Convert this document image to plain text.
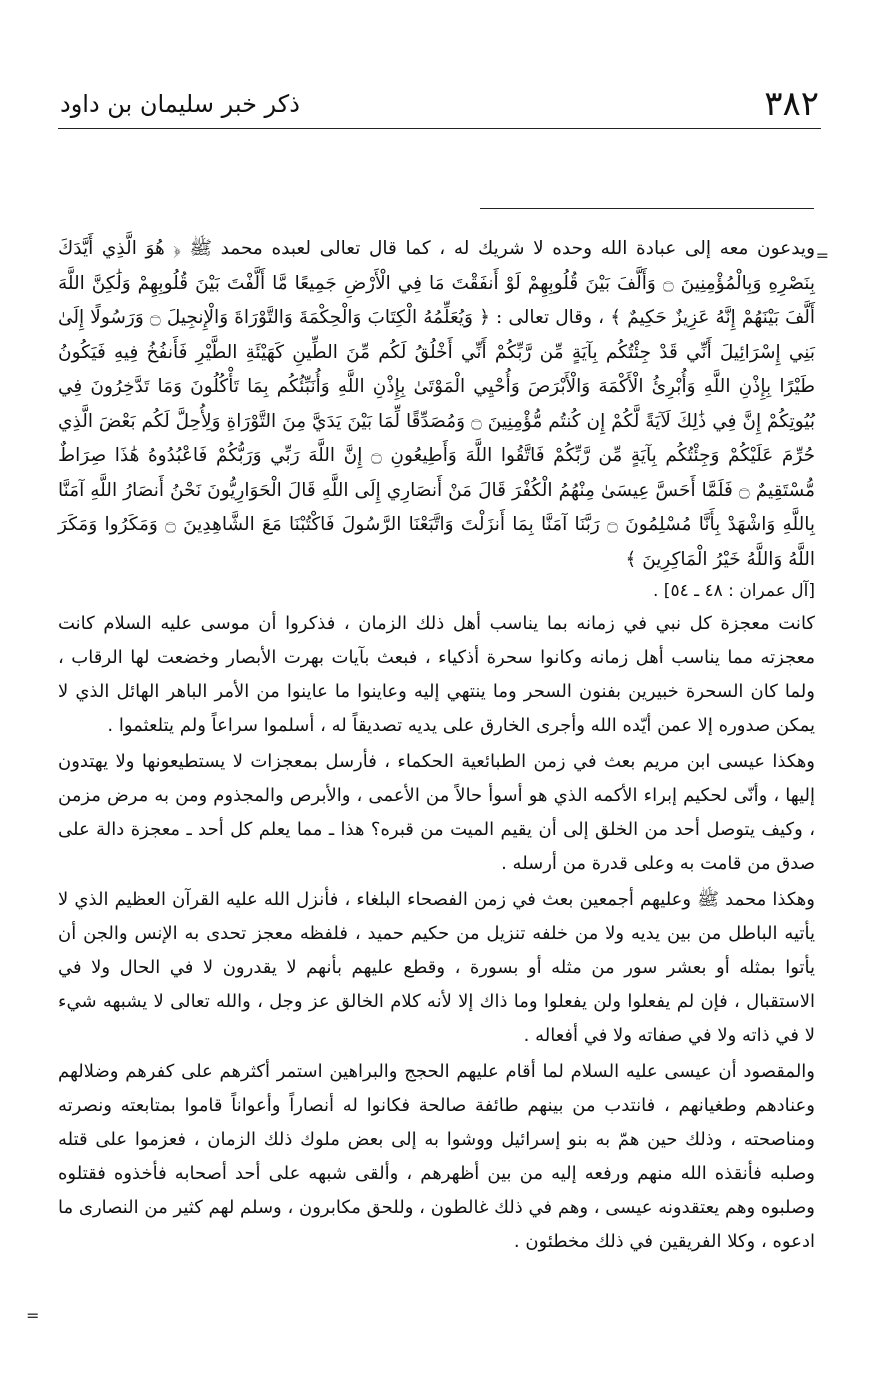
٣٨٢
ذكر خبر سليمان بن داود
=
=

ويدعون معه إلى عبادة الله وحده لا شريك له ، كما قال تعالى لعبده محمد ﷺ ﴿ هُوَ الَّذِي أَيَّدَكَ بِنَصْرِهِ وَبِالْمُؤْمِنِينَ ۝ وَأَلَّفَ بَيْنَ قُلُوبِهِمْ لَوْ أَنفَقْتَ مَا فِي الْأَرْضِ جَمِيعًا مَّا أَلَّفْتَ بَيْنَ قُلُوبِهِمْ وَلَٰكِنَّ اللَّهَ أَلَّفَ بَيْنَهُمْ إِنَّهُ عَزِيزٌ حَكِيمٌ ﴾ ، وقال تعالى : ﴿ وَيُعَلِّمُهُ الْكِتَابَ وَالْحِكْمَةَ وَالتَّوْرَاةَ وَالْإِنجِيلَ ۝ وَرَسُولًا إِلَىٰ بَنِي إِسْرَائِيلَ أَنِّي قَدْ جِئْتُكُم بِآيَةٍ مِّن رَّبِّكُمْ أَنِّي أَخْلُقُ لَكُم مِّنَ الطِّينِ كَهَيْئَةِ الطَّيْرِ فَأَنفُخُ فِيهِ فَيَكُونُ طَيْرًا بِإِذْنِ اللَّهِ وَأُبْرِئُ الْأَكْمَهَ وَالْأَبْرَصَ وَأُحْيِي الْمَوْتَىٰ بِإِذْنِ اللَّهِ وَأُنَبِّئُكُم بِمَا تَأْكُلُونَ وَمَا تَدَّخِرُونَ فِي بُيُوتِكُمْ إِنَّ فِي ذَٰلِكَ لَآيَةً لَّكُمْ إِن كُنتُم مُّؤْمِنِينَ ۝ وَمُصَدِّقًا لِّمَا بَيْنَ يَدَيَّ مِنَ التَّوْرَاةِ وَلِأُحِلَّ لَكُم بَعْضَ الَّذِي حُرِّمَ عَلَيْكُمْ وَجِئْتُكُم بِآيَةٍ مِّن رَّبِّكُمْ فَاتَّقُوا اللَّهَ وَأَطِيعُونِ ۝ إِنَّ اللَّهَ رَبِّي وَرَبُّكُمْ فَاعْبُدُوهُ هَٰذَا صِرَاطٌ مُّسْتَقِيمٌ ۝ فَلَمَّا أَحَسَّ عِيسَىٰ مِنْهُمُ الْكُفْرَ قَالَ مَنْ أَنصَارِي إِلَى اللَّهِ قَالَ الْحَوَارِيُّونَ نَحْنُ أَنصَارُ اللَّهِ آمَنَّا بِاللَّهِ وَاشْهَدْ بِأَنَّا مُسْلِمُونَ ۝ رَبَّنَا آمَنَّا بِمَا أَنزَلْتَ وَاتَّبَعْنَا الرَّسُولَ فَاكْتُبْنَا مَعَ الشَّاهِدِينَ ۝ وَمَكَرُوا وَمَكَرَ اللَّهُ وَاللَّهُ خَيْرُ الْمَاكِرِينَ ﴾

[آل عمران : ٤٨ ـ ٥٤] .

كانت معجزة كل نبي في زمانه بما يناسب أهل ذلك الزمان ، فذكروا أن موسى عليه السلام كانت معجزته مما يناسب أهل زمانه وكانوا سحرة أذكياء ، فبعث بآيات بهرت الأبصار وخضعت لها الرقاب ، ولما كان السحرة خبيرين بفنون السحر وما ينتهي إليه وعاينوا ما عاينوا من الأمر الباهر الهائل الذي لا يمكن صدوره إلا عمن أيّده الله وأجرى الخارق على يديه تصديقاً له ، أسلموا سراعاً ولم يتلعثموا .

وهكذا عيسى ابن مريم بعث في زمن الطبائعية الحكماء ، فأرسل بمعجزات لا يستطيعونها ولا يهتدون إليها ، وأنّى لحكيم إبراء الأكمه الذي هو أسوأ حالاً من الأعمى ، والأبرص والمجذوم ومن به مرض مزمن ، وكيف يتوصل أحد من الخلق إلى أن يقيم الميت من قبره؟ هذا ـ مما يعلم كل أحد ـ معجزة دالة على صدق من قامت به وعلى قدرة من أرسله .

وهكذا محمد ﷺ وعليهم أجمعين بعث في زمن الفصحاء البلغاء ، فأنزل الله عليه القرآن العظيم الذي لا يأتيه الباطل من بين يديه ولا من خلفه تنزيل من حكيم حميد ، فلفظه معجز تحدى به الإنس والجن أن يأتوا بمثله أو بعشر سور من مثله أو بسورة ، وقطع عليهم بأنهم لا يقدرون لا في الحال ولا في الاستقبال ، فإن لم يفعلوا ولن يفعلوا وما ذاك إلا لأنه كلام الخالق عز وجل ، والله تعالى لا يشبهه شيء لا في ذاته ولا في صفاته ولا في أفعاله .

والمقصود أن عيسى عليه السلام لما أقام عليهم الحجج والبراهين استمر أكثرهم على كفرهم وضلالهم وعنادهم وطغيانهم ، فانتدب من بينهم طائفة صالحة فكانوا له أنصاراً وأعواناً قاموا بمتابعته ونصرته ومناصحته ، وذلك حين همّ به بنو إسرائيل ووشوا به إلى بعض ملوك ذلك الزمان ، فعزموا على قتله وصلبه فأنقذه الله منهم ورفعه إليه من بين أظهرهم ، وألقى شبهه على أحد أصحابه فأخذوه فقتلوه وصلبوه وهم يعتقدونه عيسى ، وهم في ذلك غالطون ، وللحق مكابرون ، وسلم لهم كثير من النصارى ما ادعوه ، وكلا الفريقين في ذلك مخطئون .
